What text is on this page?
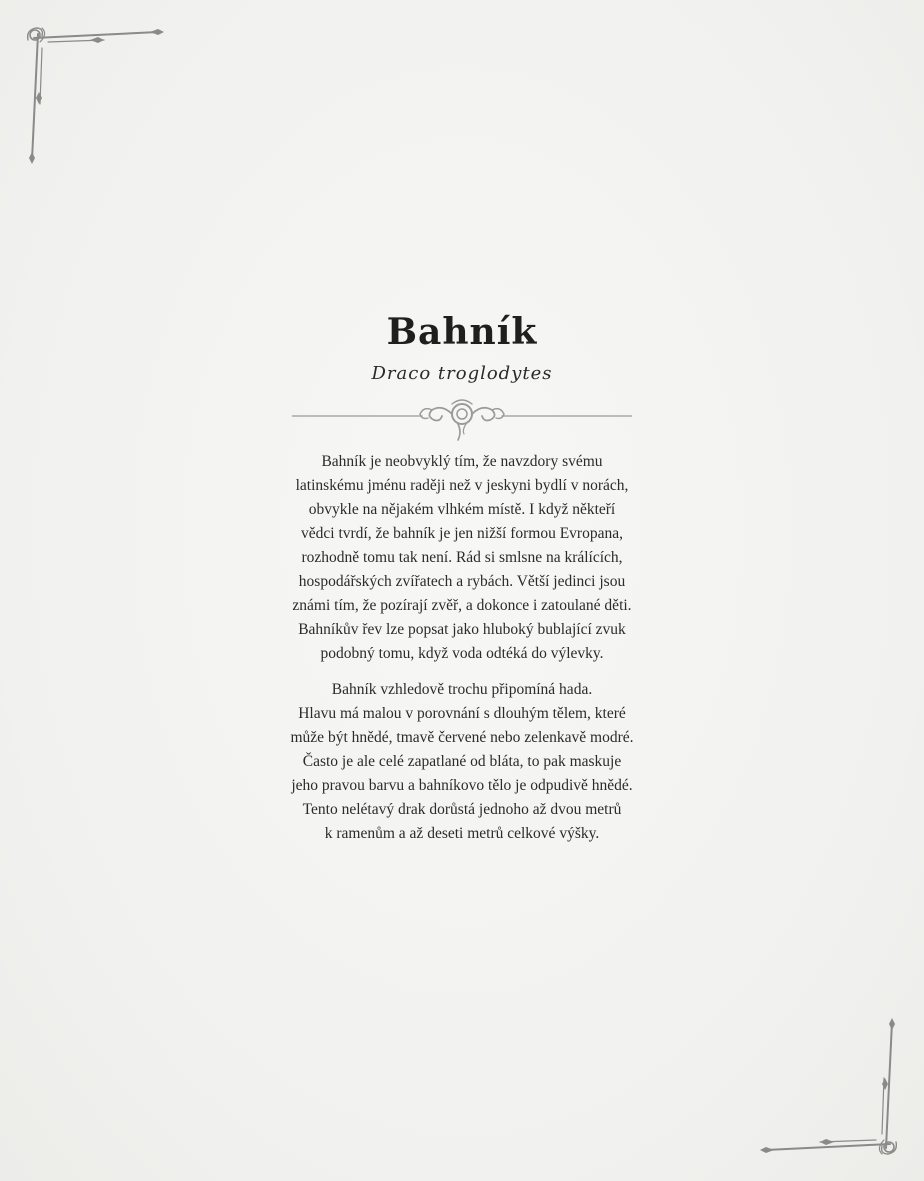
Bahník
Draco troglodytes

Bahník je neobvyklý tím, že navzdory svému
latinskému jménu raději než v jeskyni bydlí v norách,
obvykle na nějakém vlhkém místě. I když někteří
vědci tvrdí, že bahník je jen nižší formou Evropana,
rozhodně tomu tak není. Rád si smlsne na králících,
hospodářských zvířatech a rybách. Větší jedinci jsou
známi tím, že pozírají zvěř, a dokonce i zatoulané děti.
Bahníkův řev lze popsat jako hluboký bublající zvuk
podobný tomu, když voda odtéká do výlevky.

Bahník vzhledově trochu připomíná hada.
Hlavu má malou v porovnání s dlouhým tělem, které
může být hnědé, tmavě červené nebo zelenkavě modré.
Často je ale celé zapatlané od bláta, to pak maskuje
jeho pravou barvu a bahníkovo tělo je odpudivě hnědé.
Tento nelétavý drak dorůstá jednoho až dvou metrů
k ramenům a až deseti metrů celkové výšky.
